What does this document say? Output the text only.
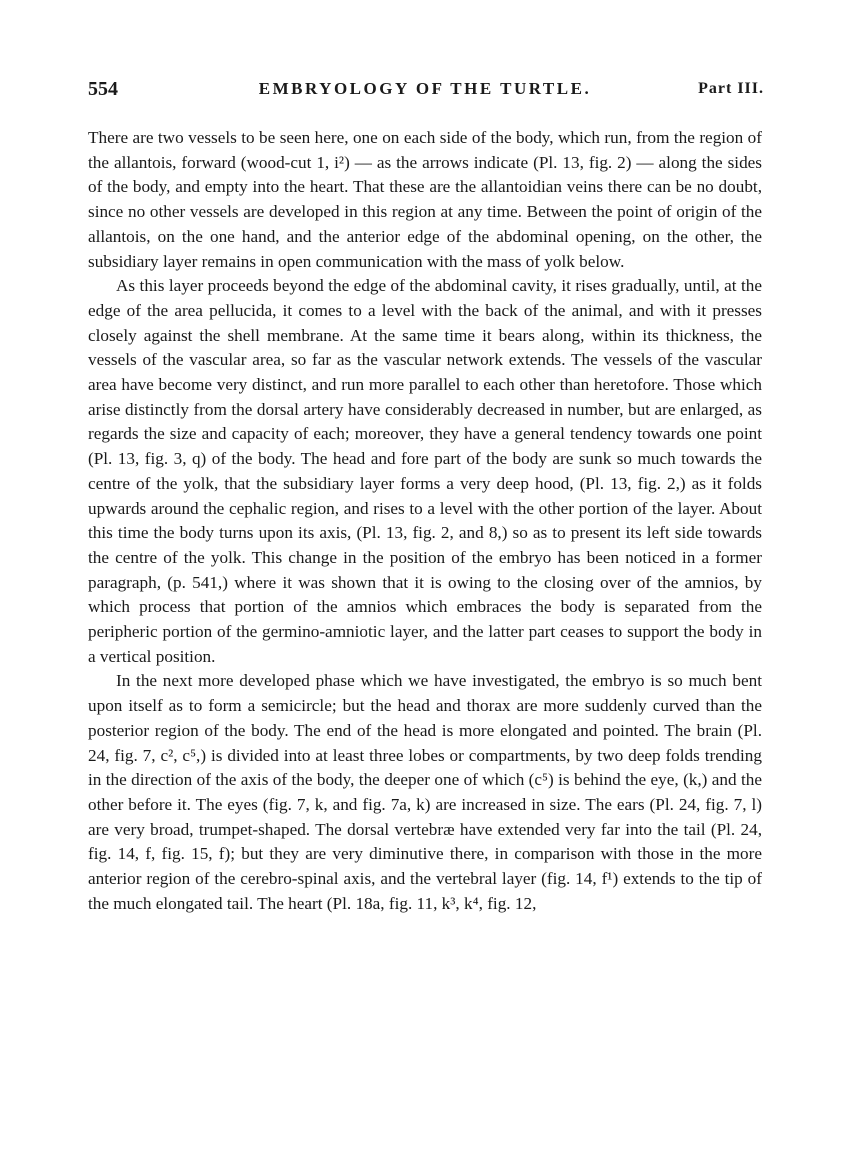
554	EMBRYOLOGY OF THE TURTLE.	Part III.

There are two vessels to be seen here, one on each side of the body, which run, from the region of the allantois, forward (wood-cut 1, i²) — as the arrows indicate (Pl. 13, fig. 2) — along the sides of the body, and empty into the heart. That these are the allantoidian veins there can be no doubt, since no other vessels are developed in this region at any time. Between the point of origin of the allantois, on the one hand, and the anterior edge of the abdominal opening, on the other, the subsidiary layer remains in open communication with the mass of yolk below.

As this layer proceeds beyond the edge of the abdominal cavity, it rises gradually, until, at the edge of the area pellucida, it comes to a level with the back of the animal, and with it presses closely against the shell membrane. At the same time it bears along, within its thickness, the vessels of the vascular area, so far as the vascular network extends. The vessels of the vascular area have become very distinct, and run more parallel to each other than heretofore. Those which arise distinctly from the dorsal artery have considerably decreased in number, but are enlarged, as regards the size and capacity of each; moreover, they have a general tendency towards one point (Pl. 13, fig. 3, q) of the body. The head and fore part of the body are sunk so much towards the centre of the yolk, that the subsidiary layer forms a very deep hood, (Pl. 13, fig. 2,) as it folds upwards around the cephalic region, and rises to a level with the other portion of the layer. About this time the body turns upon its axis, (Pl. 13, fig. 2, and 8,) so as to present its left side towards the centre of the yolk. This change in the position of the embryo has been noticed in a former paragraph, (p. 541,) where it was shown that it is owing to the closing over of the amnios, by which process that portion of the amnios which embraces the body is separated from the peripheric portion of the germino-amniotic layer, and the latter part ceases to support the body in a vertical position.

In the next more developed phase which we have investigated, the embryo is so much bent upon itself as to form a semicircle; but the head and thorax are more suddenly curved than the posterior region of the body. The end of the head is more elongated and pointed. The brain (Pl. 24, fig. 7, c², c⁵,) is divided into at least three lobes or compartments, by two deep folds trending in the direction of the axis of the body, the deeper one of which (c⁵) is behind the eye, (k,) and the other before it. The eyes (fig. 7, k, and fig. 7a, k) are increased in size. The ears (Pl. 24, fig. 7, l) are very broad, trumpet-shaped. The dorsal vertebræ have extended very far into the tail (Pl. 24, fig. 14, f, fig. 15, f); but they are very diminutive there, in comparison with those in the more anterior region of the cerebro-spinal axis, and the vertebral layer (fig. 14, f¹) extends to the tip of the much elongated tail. The heart (Pl. 18a, fig. 11, k³, k⁴, fig. 12,
